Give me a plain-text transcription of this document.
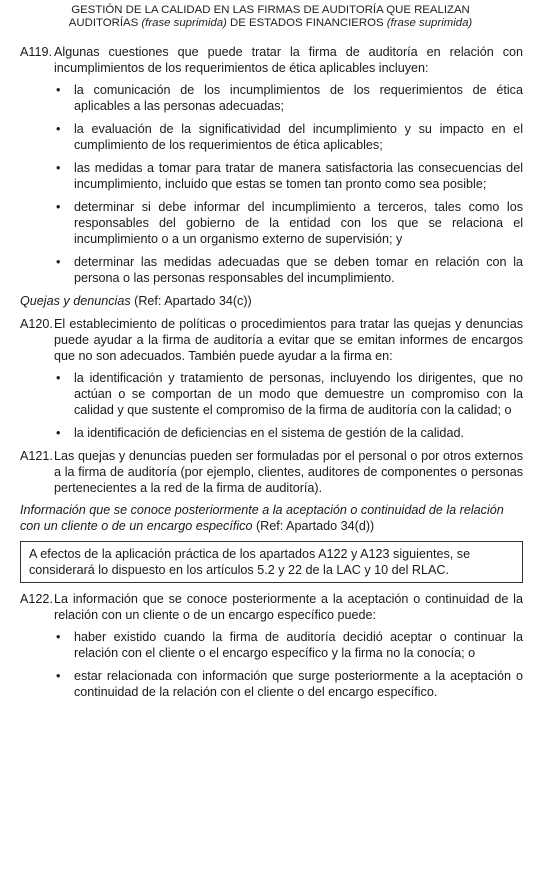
GESTIÓN DE LA CALIDAD EN LAS FIRMAS DE AUDITORÍA QUE REALIZAN
AUDITORÍAS (frase suprimida) DE ESTADOS FINANCIEROS (frase suprimida)
A119. Algunas cuestiones que puede tratar la firma de auditoría en relación con incumplimientos de los requerimientos de ética aplicables incluyen:
•	la comunicación de los incumplimientos de los requerimientos de ética aplicables a las personas adecuadas;
•	la evaluación de la significatividad del incumplimiento y su impacto en el cumplimiento de los requerimientos de ética aplicables;
•	las medidas a tomar para tratar de manera satisfactoria las consecuencias del incumplimiento, incluido que estas se tomen tan pronto como sea posible;
•	determinar si debe informar del incumplimiento a terceros, tales como los responsables del gobierno de la entidad con los que se relaciona el incumplimiento o a un organismo externo de supervisión; y
•	determinar las medidas adecuadas que se deben tomar en relación con la persona o las personas responsables del incumplimiento.
Quejas y denuncias (Ref: Apartado 34(c))
A120. El establecimiento de políticas o procedimientos para tratar las quejas y denuncias puede ayudar a la firma de auditoría a evitar que se emitan informes de encargos que no son adecuados. También puede ayudar a la firma en:
•	la identificación y tratamiento de personas, incluyendo los dirigentes, que no actúan o se comportan de un modo que demuestre un compromiso con la calidad y que sustente el compromiso de la firma de auditoría con la calidad; o
•	la identificación de deficiencias en el sistema de gestión de la calidad.
A121. Las quejas y denuncias pueden ser formuladas por el personal o por otros externos a la firma de auditoría (por ejemplo, clientes, auditores de componentes o personas pertenecientes a la red de la firma de auditoría).
Información que se conoce posteriormente a la aceptación o continuidad de la relación con un cliente o de un encargo específico (Ref: Apartado 34(d))
A efectos de la aplicación práctica de los apartados A122 y A123 siguientes, se considerará lo dispuesto en los artículos 5.2 y 22 de la LAC y 10 del RLAC.
A122. La información que se conoce posteriormente a la aceptación o continuidad de la relación con un cliente o de un encargo específico puede:
•	haber existido cuando la firma de auditoría decidió aceptar o continuar la relación con el cliente o el encargo específico y la firma no la conocía; o
•	estar relacionada con información que surge posteriormente a la aceptación o continuidad de la relación con el cliente o del encargo específico.
